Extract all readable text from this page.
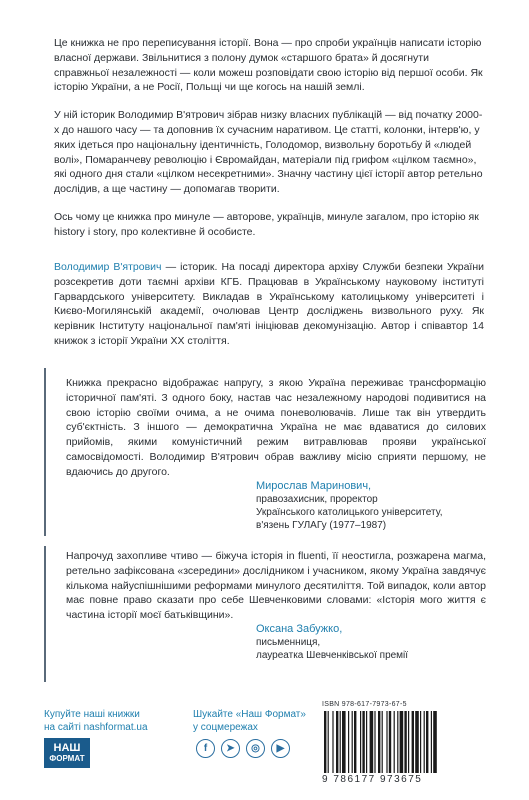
Це книжка не про переписування історії. Вона — про спроби українців написати історію власної держави. Звільнитися з полону думок «старшого брата» й досягнути справжньої незалежності — коли можеш розповідати свою історію від першої особи. Як історію України, а не Росії, Польщі чи ще когось на нашій землі.

У ній історик Володимир В'ятрович зібрав низку власних публікацій — від початку 2000-х до нашого часу — та доповнив їх сучасним наративом. Це статті, колонки, інтерв'ю, у яких ідеться про національну ідентичність, Голодомор, визвольну боротьбу й «людей волі», Помаранчеву революцію і Євромайдан, матеріали під грифом «цілком таємно», які одного дня стали «цілком несекретними». Значну частину цієї історії автор ретельно дослідив, а ще частину — допомагав творити.

Ось чому це книжка про минуле — авторове, українців, минуле загалом, про історію як history і story, про колективне й особисте.

Володимир В'ятрович — історик. На посаді директора архіву Служби безпеки України розсекретив доти таємні архіви КГБ. Працював в Українському науковому інституті Гарвардського університету. Викладав в Українському католицькому університеті і Києво-Могилянській академії, очолював Центр досліджень визвольного руху. Як керівник Інституту національної пам'яті ініціював декомунізацію. Автор і співавтор 14 книжок з історії України ХХ століття.

Книжка прекрасно відображає напругу, з якою Україна переживає трансформацію історичної пам'яті. З одного боку, настав час незалежному народові подивитися на свою історію своїми очима, а не очима поневолювачів. Лише так він утвердить суб'єктність. З іншого — демократична Україна не має вдаватися до силових прийомів, якими комуністичний режим витравлював прояви української самосвідомості. Володимир В'ятрович обрав важливу місію сприяти першому, не вдаючись до другого.

Мирослав Маринович,
правозахисник, проректор
Українського католицького університету,
в'язень ГУЛАГу (1977–1987)

Напрочуд захопливе чтиво — біжуча історія in fluenti, її неостигла, розжарена магма, ретельно зафіксована «зсередини» дослідником і учасником, якому Україна завдячує кількома найуспішнішими реформами минулого десятиліття. Той випадок, коли автор має повне право сказати про себе Шевченковими словами: «Історія мого життя є частина історії моєї батьківщини».

Оксана Забужко,
письменниця,
лауреатка Шевченківської премії
Купуйте наші книжки
на сайті nashformat.ua
НАШ
ФОРМАТ
Шукайте «Наш Формат»
у соцмережах
f	➤	◎	▶
ISBN 978-617-7973-67-5
9 786177 973675
